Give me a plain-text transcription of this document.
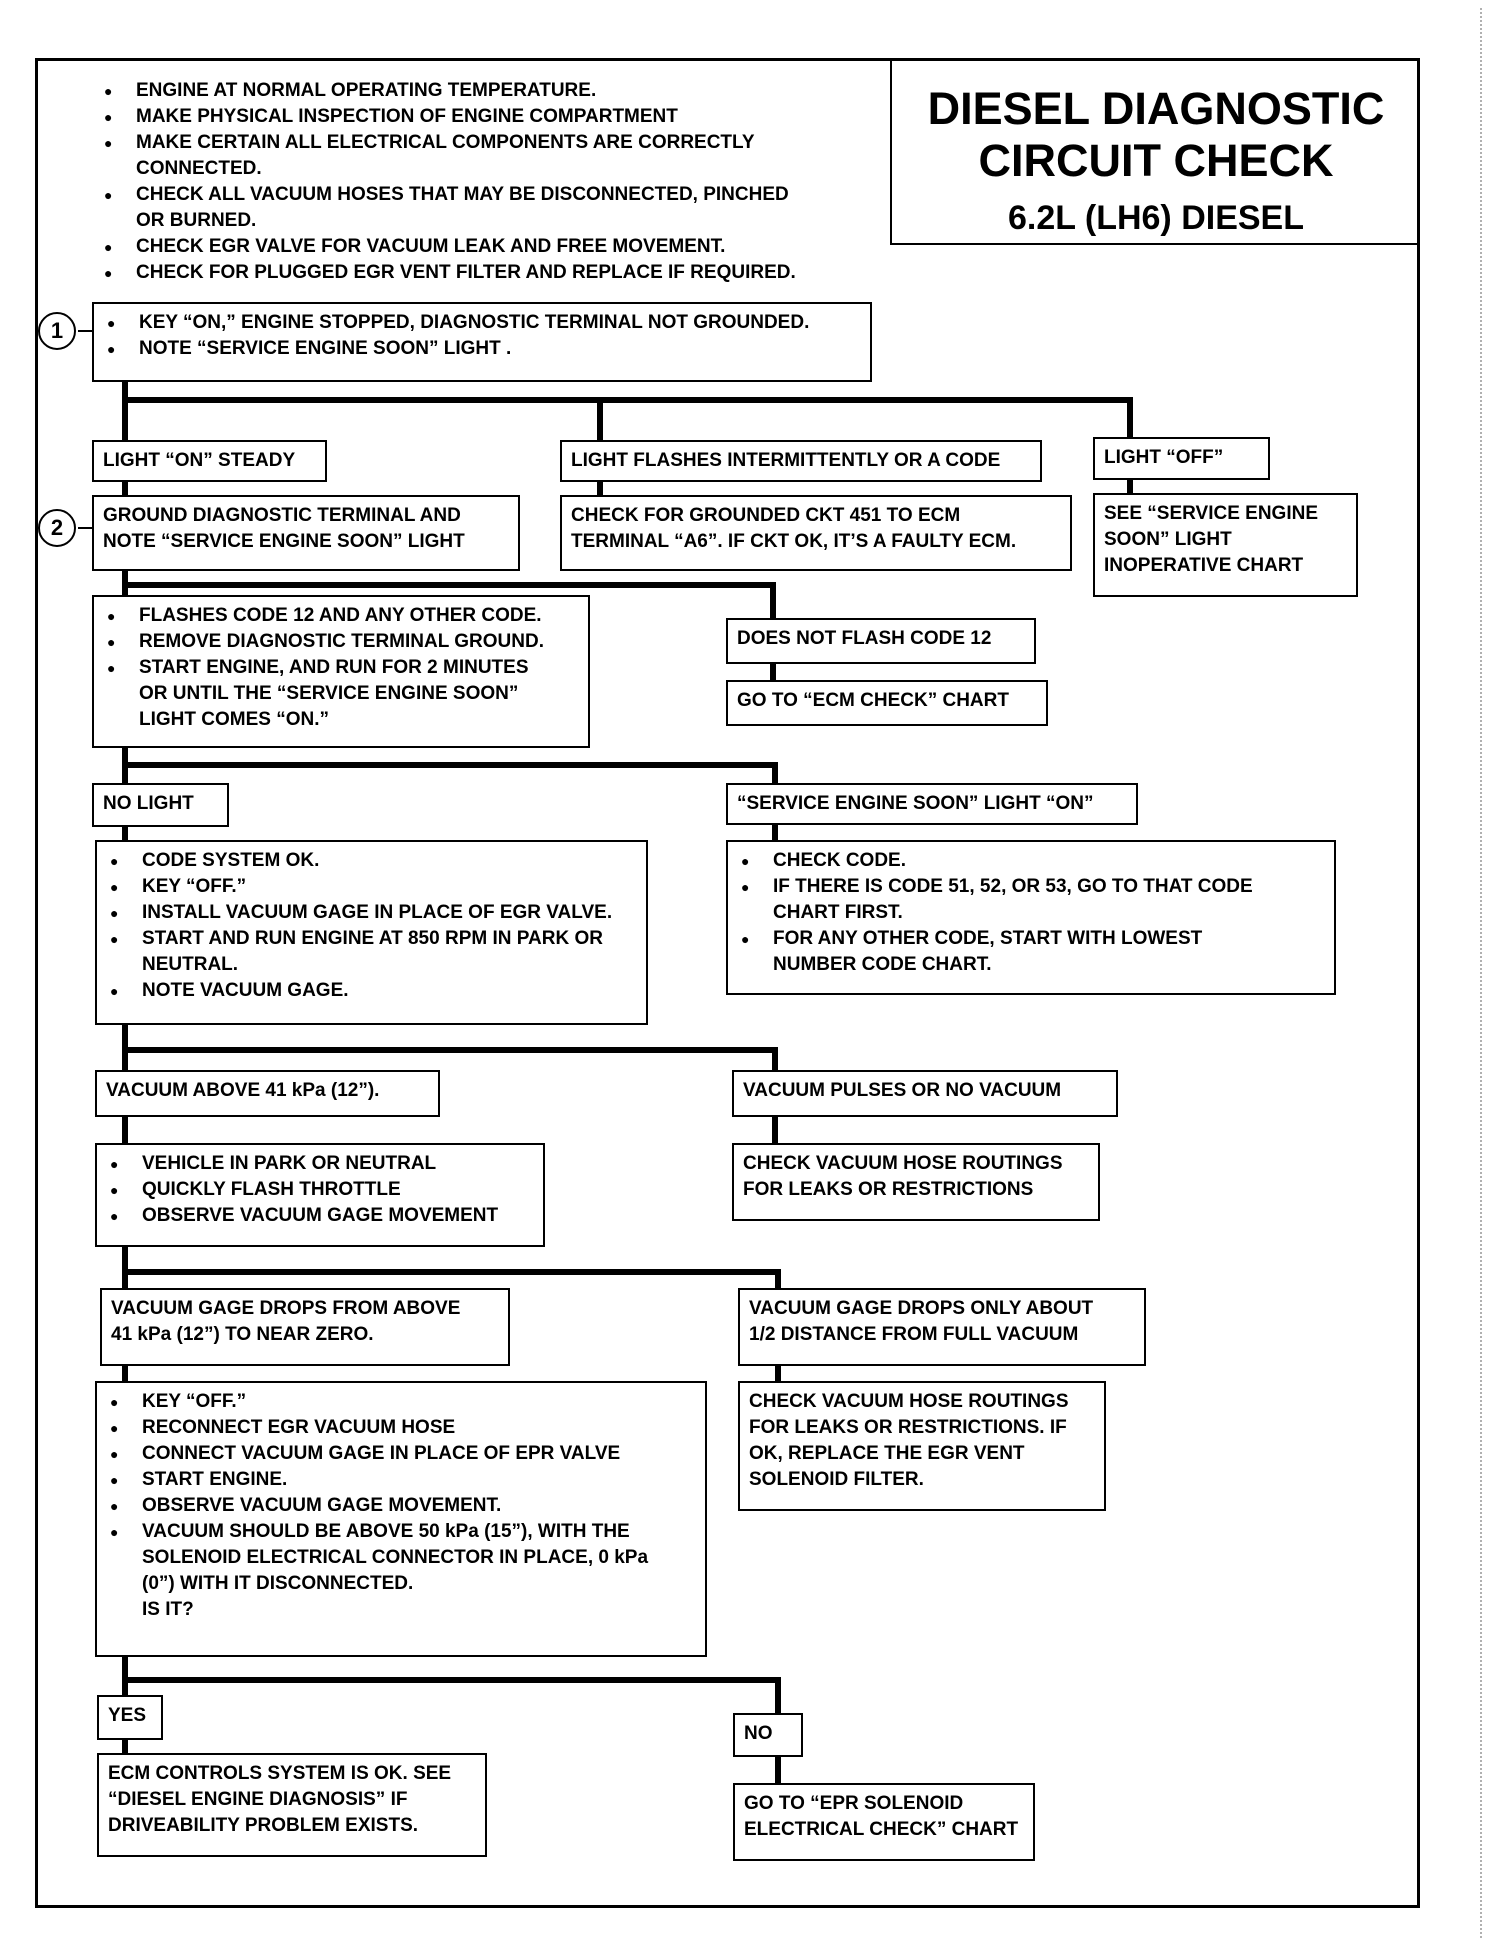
● ENGINE AT NORMAL OPERATING TEMPERATURE.
● MAKE PHYSICAL INSPECTION OF ENGINE COMPARTMENT
● MAKE CERTAIN ALL ELECTRICAL COMPONENTS ARE CORRECTLY
CONNECTED.
● CHECK ALL VACUUM HOSES THAT MAY BE DISCONNECTED, PINCHED
OR BURNED.
● CHECK EGR VALVE FOR VACUUM LEAK AND FREE MOVEMENT.
● CHECK FOR PLUGGED EGR VENT FILTER AND REPLACE IF REQUIRED.
DIESEL DIAGNOSTIC
CIRCUIT CHECK
6.2L (LH6) DIESEL
1
2
● KEY “ON,” ENGINE STOPPED, DIAGNOSTIC TERMINAL NOT GROUNDED.
● NOTE “SERVICE ENGINE SOON” LIGHT .
LIGHT “ON” STEADY	LIGHT FLASHES INTERMITTENTLY OR A CODE	LIGHT “OFF”
GROUND DIAGNOSTIC TERMINAL AND
NOTE “SERVICE ENGINE SOON” LIGHT
CHECK FOR GROUNDED CKT 451 TO ECM
TERMINAL “A6”. IF CKT OK, IT’S A FAULTY ECM.
SEE “SERVICE ENGINE
SOON” LIGHT
INOPERATIVE CHART
● FLASHES CODE 12 AND ANY OTHER CODE.
● REMOVE DIAGNOSTIC TERMINAL GROUND.
● START ENGINE, AND RUN FOR 2 MINUTES
OR UNTIL THE “SERVICE ENGINE SOON”
LIGHT COMES “ON.”
DOES NOT FLASH CODE 12
GO TO “ECM CHECK” CHART
NO LIGHT	“SERVICE ENGINE SOON” LIGHT “ON”
● CODE SYSTEM OK.
● KEY “OFF.”
● INSTALL VACUUM GAGE IN PLACE OF EGR VALVE.
● START AND RUN ENGINE AT 850 RPM IN PARK OR
NEUTRAL.
● NOTE VACUUM GAGE.
● CHECK CODE.
● IF THERE IS CODE 51, 52, OR 53, GO TO THAT CODE
CHART FIRST.
● FOR ANY OTHER CODE, START WITH LOWEST
NUMBER CODE CHART.
VACUUM ABOVE 41 kPa (12”).	VACUUM PULSES OR NO VACUUM
● VEHICLE IN PARK OR NEUTRAL
● QUICKLY FLASH THROTTLE
● OBSERVE VACUUM GAGE MOVEMENT
CHECK VACUUM HOSE ROUTINGS
FOR LEAKS OR RESTRICTIONS
VACUUM GAGE DROPS FROM ABOVE
41 kPa (12”) TO NEAR ZERO.
VACUUM GAGE DROPS ONLY ABOUT
1/2 DISTANCE FROM FULL VACUUM
● KEY “OFF.”
● RECONNECT EGR VACUUM HOSE
● CONNECT VACUUM GAGE IN PLACE OF EPR VALVE
● START ENGINE.
● OBSERVE VACUUM GAGE MOVEMENT.
● VACUUM SHOULD BE ABOVE 50 kPa (15”), WITH THE
SOLENOID ELECTRICAL CONNECTOR IN PLACE, 0 kPa
(0”) WITH IT DISCONNECTED.
IS IT?
CHECK VACUUM HOSE ROUTINGS
FOR LEAKS OR RESTRICTIONS. IF
OK, REPLACE THE EGR VENT
SOLENOID FILTER.
YES
NO
ECM CONTROLS SYSTEM IS OK. SEE
“DIESEL ENGINE DIAGNOSIS” IF
DRIVEABILITY PROBLEM EXISTS.
GO TO “EPR SOLENOID
ELECTRICAL CHECK” CHART
